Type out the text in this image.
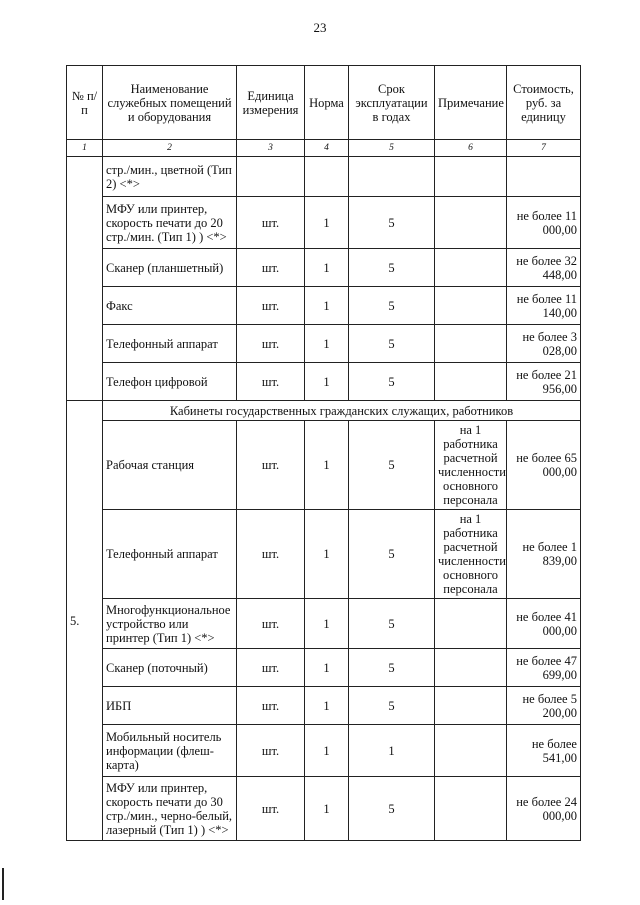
23
№ п/п	Наименование служебных помещений и оборудования	Единица измерения	Норма	Срок эксплуатации в годах	Примечание	Стоимость, руб. за единицу
1	2	3	4	5	6	7
	стр./мин., цветной (Тип 2) <*>					
	МФУ или принтер, скорость печати до 20 стр./мин. (Тип 1) ) <*>	шт.	1	5		не более 11 000,00
	Сканер (планшетный)	шт.	1	5		не более 32 448,00
	Факс	шт.	1	5		не более 11 140,00
	Телефонный аппарат	шт.	1	5		не более 3 028,00
	Телефон цифровой	шт.	1	5		не более 21 956,00
5.	Кабинеты государственных гражданских служащих, работников					
	Рабочая станция	шт.	1	5	на 1 работника расчетной численности основного персонала	не более 65 000,00
	Телефонный аппарат	шт.	1	5	на 1 работника расчетной численности основного персонала	не более 1 839,00
	Многофункциональное устройство или принтер (Тип 1) <*>	шт.	1	5		не более 41 000,00
	Сканер (поточный)	шт.	1	5		не более 47 699,00
	ИБП	шт.	1	5		не более 5 200,00
	Мобильный носитель информации (флеш-карта)	шт.	1	1		не более 541,00
	МФУ или принтер, скорость печати до 30 стр./мин., черно-белый, лазерный (Тип 1) ) <*>	шт.	1	5		не более 24 000,00
